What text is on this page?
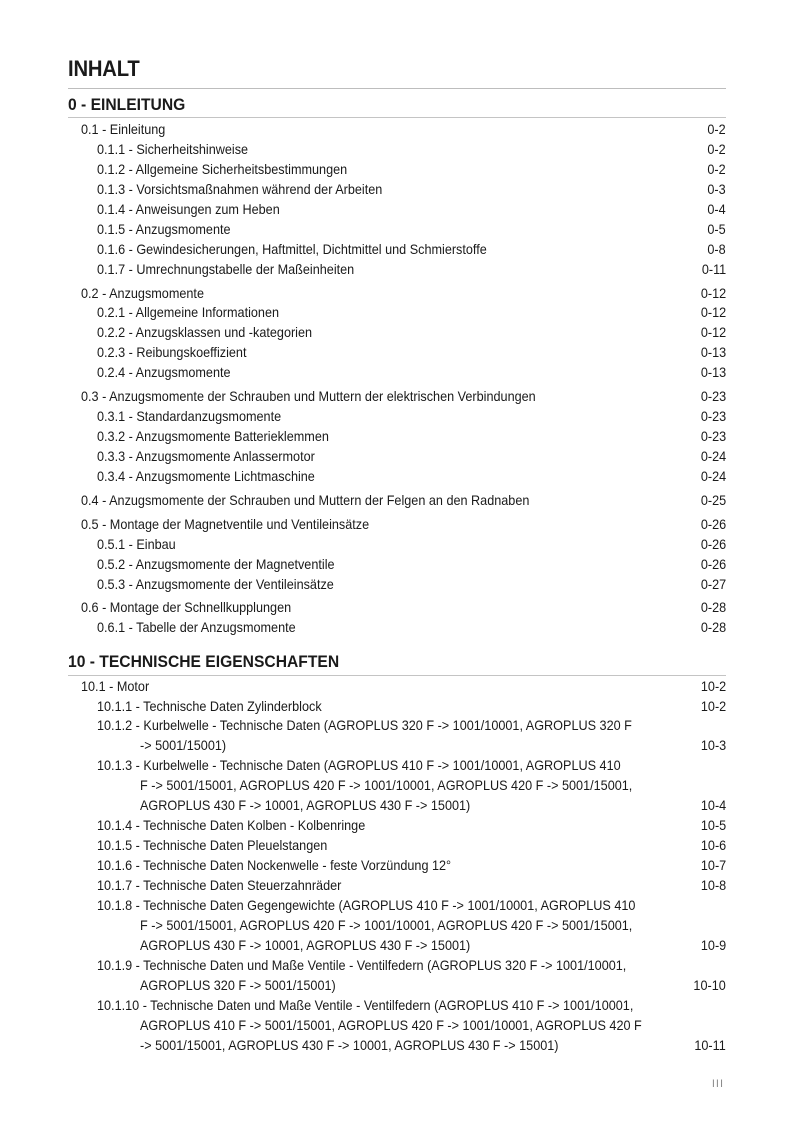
INHALT
0 - EINLEITUNG
0.1 - Einleitung	0-2
0.1.1 - Sicherheitshinweise	0-2
0.1.2 - Allgemeine Sicherheitsbestimmungen	0-2
0.1.3 - Vorsichtsmaßnahmen während der Arbeiten	0-3
0.1.4 - Anweisungen zum Heben	0-4
0.1.5 - Anzugsmomente	0-5
0.1.6 - Gewindesicherungen, Haftmittel, Dichtmittel und Schmierstoffe	0-8
0.1.7 - Umrechnungstabelle der Maßeinheiten	0-11
0.2 - Anzugsmomente	0-12
0.2.1 - Allgemeine Informationen	0-12
0.2.2 - Anzugsklassen und -kategorien	0-12
0.2.3 - Reibungskoeffizient	0-13
0.2.4 - Anzugsmomente	0-13
0.3 - Anzugsmomente der Schrauben und Muttern der elektrischen Verbindungen	0-23
0.3.1 - Standardanzugsmomente	0-23
0.3.2 - Anzugsmomente Batterieklemmen	0-23
0.3.3 - Anzugsmomente Anlassermotor	0-24
0.3.4 - Anzugsmomente Lichtmaschine	0-24
0.4 - Anzugsmomente der Schrauben und Muttern der Felgen an den Radnaben	0-25
0.5 - Montage der Magnetventile und Ventileinsätze	0-26
0.5.1 - Einbau	0-26
0.5.2 - Anzugsmomente der Magnetventile	0-26
0.5.3 - Anzugsmomente der Ventileinsätze	0-27
0.6 - Montage der Schnellkupplungen	0-28
0.6.1 - Tabelle der Anzugsmomente	0-28
10 - TECHNISCHE EIGENSCHAFTEN
10.1 - Motor	10-2
10.1.1 - Technische Daten Zylinderblock	10-2
10.1.2 - Kurbelwelle - Technische Daten (AGROPLUS 320 F -> 1001/10001, AGROPLUS 320 F
-> 5001/15001)	10-3
10.1.3 - Kurbelwelle - Technische Daten (AGROPLUS 410 F -> 1001/10001, AGROPLUS 410
F -> 5001/15001, AGROPLUS 420 F -> 1001/10001, AGROPLUS 420 F -> 5001/15001,
AGROPLUS 430 F -> 10001, AGROPLUS 430 F -> 15001)	10-4
10.1.4 - Technische Daten Kolben - Kolbenringe	10-5
10.1.5 - Technische Daten Pleuelstangen	10-6
10.1.6 - Technische Daten Nockenwelle - feste Vorzündung 12°	10-7
10.1.7 - Technische Daten Steuerzahnräder	10-8
10.1.8 - Technische Daten Gegengewichte (AGROPLUS 410 F -> 1001/10001, AGROPLUS 410
F -> 5001/15001, AGROPLUS 420 F -> 1001/10001, AGROPLUS 420 F -> 5001/15001,
AGROPLUS 430 F -> 10001, AGROPLUS 430 F -> 15001)	10-9
10.1.9 - Technische Daten und Maße Ventile - Ventilfedern (AGROPLUS 320 F -> 1001/10001,
AGROPLUS 320 F -> 5001/15001)	10-10
10.1.10 - Technische Daten und Maße Ventile - Ventilfedern (AGROPLUS 410 F -> 1001/10001,
AGROPLUS 410 F -> 5001/15001, AGROPLUS 420 F -> 1001/10001, AGROPLUS 420 F
-> 5001/15001, AGROPLUS 430 F -> 10001, AGROPLUS 430 F -> 15001)	10-11
III
